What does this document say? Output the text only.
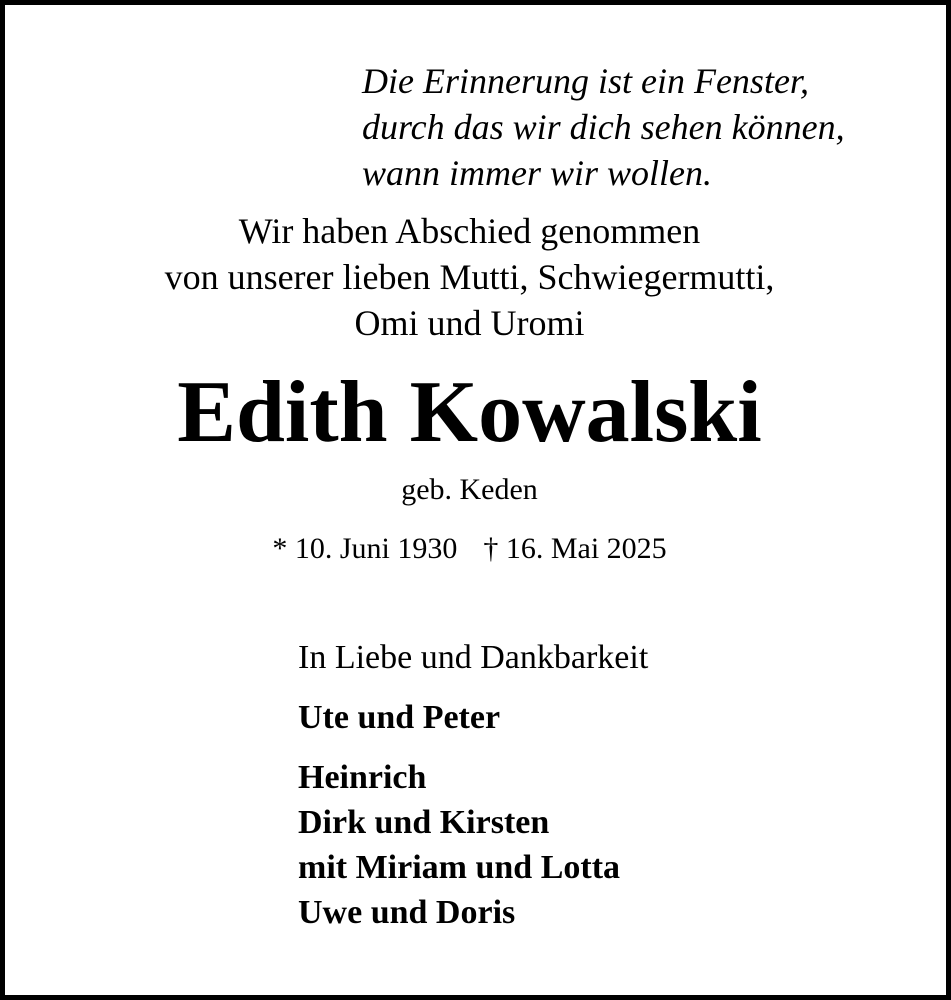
Die Erinnerung ist ein Fenster,
durch das wir dich sehen können,
wann immer wir wollen.
Wir haben Abschied genommen
von unserer lieben Mutti, Schwiegermutti,
Omi und Uromi
Edith Kowalski
geb. Keden
* 10. Juni 1930 † 16. Mai 2025
In Liebe und Dankbarkeit
Ute und Peter
Heinrich
Dirk und Kirsten
mit Miriam und Lotta
Uwe und Doris
